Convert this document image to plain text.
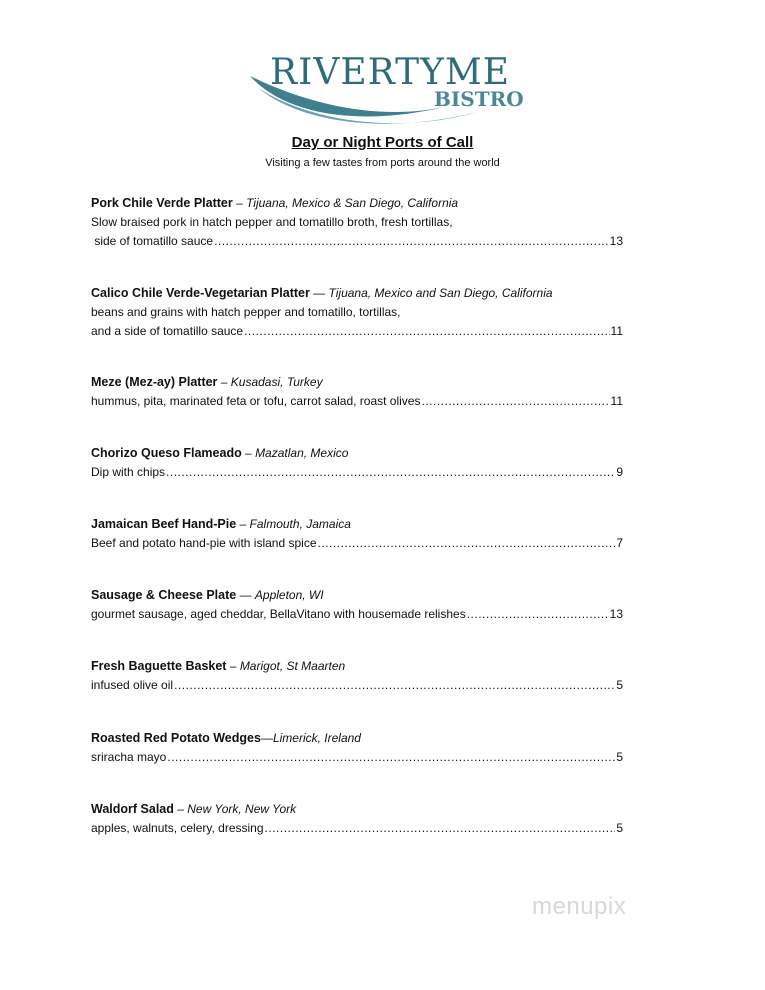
RIVERTYME
BISTRO
Day or Night Ports of Call
Visiting a few tastes from ports around the world
Pork Chile Verde Platter – Tijuana, Mexico & San Diego, California
Slow braised pork in hatch pepper and tomatillo broth, fresh tortillas,
side of tomatillo sauce .....	13
Calico Chile Verde-Vegetarian Platter — Tijuana, Mexico and San Diego, California
beans and grains with hatch pepper and tomatillo, tortillas,
and a side of tomatillo sauce .....	11
Meze (Mez-ay) Platter – Kusadasi, Turkey
hummus, pita, marinated feta or tofu, carrot salad, roast olives .....	11
Chorizo Queso Flameado – Mazatlan, Mexico
Dip with chips .....	9
Jamaican Beef Hand-Pie – Falmouth, Jamaica
Beef and potato hand-pie with island spice .....	7
Sausage & Cheese Plate — Appleton, WI
gourmet sausage, aged cheddar, BellaVitano with housemade relishes .....	13
Fresh Baguette Basket – Marigot, St Maarten
infused olive oil .....	5
Roasted Red Potato Wedges—Limerick, Ireland
sriracha mayo .....	5
Waldorf Salad – New York, New York
apples, walnuts, celery, dressing .....	5
menupix
